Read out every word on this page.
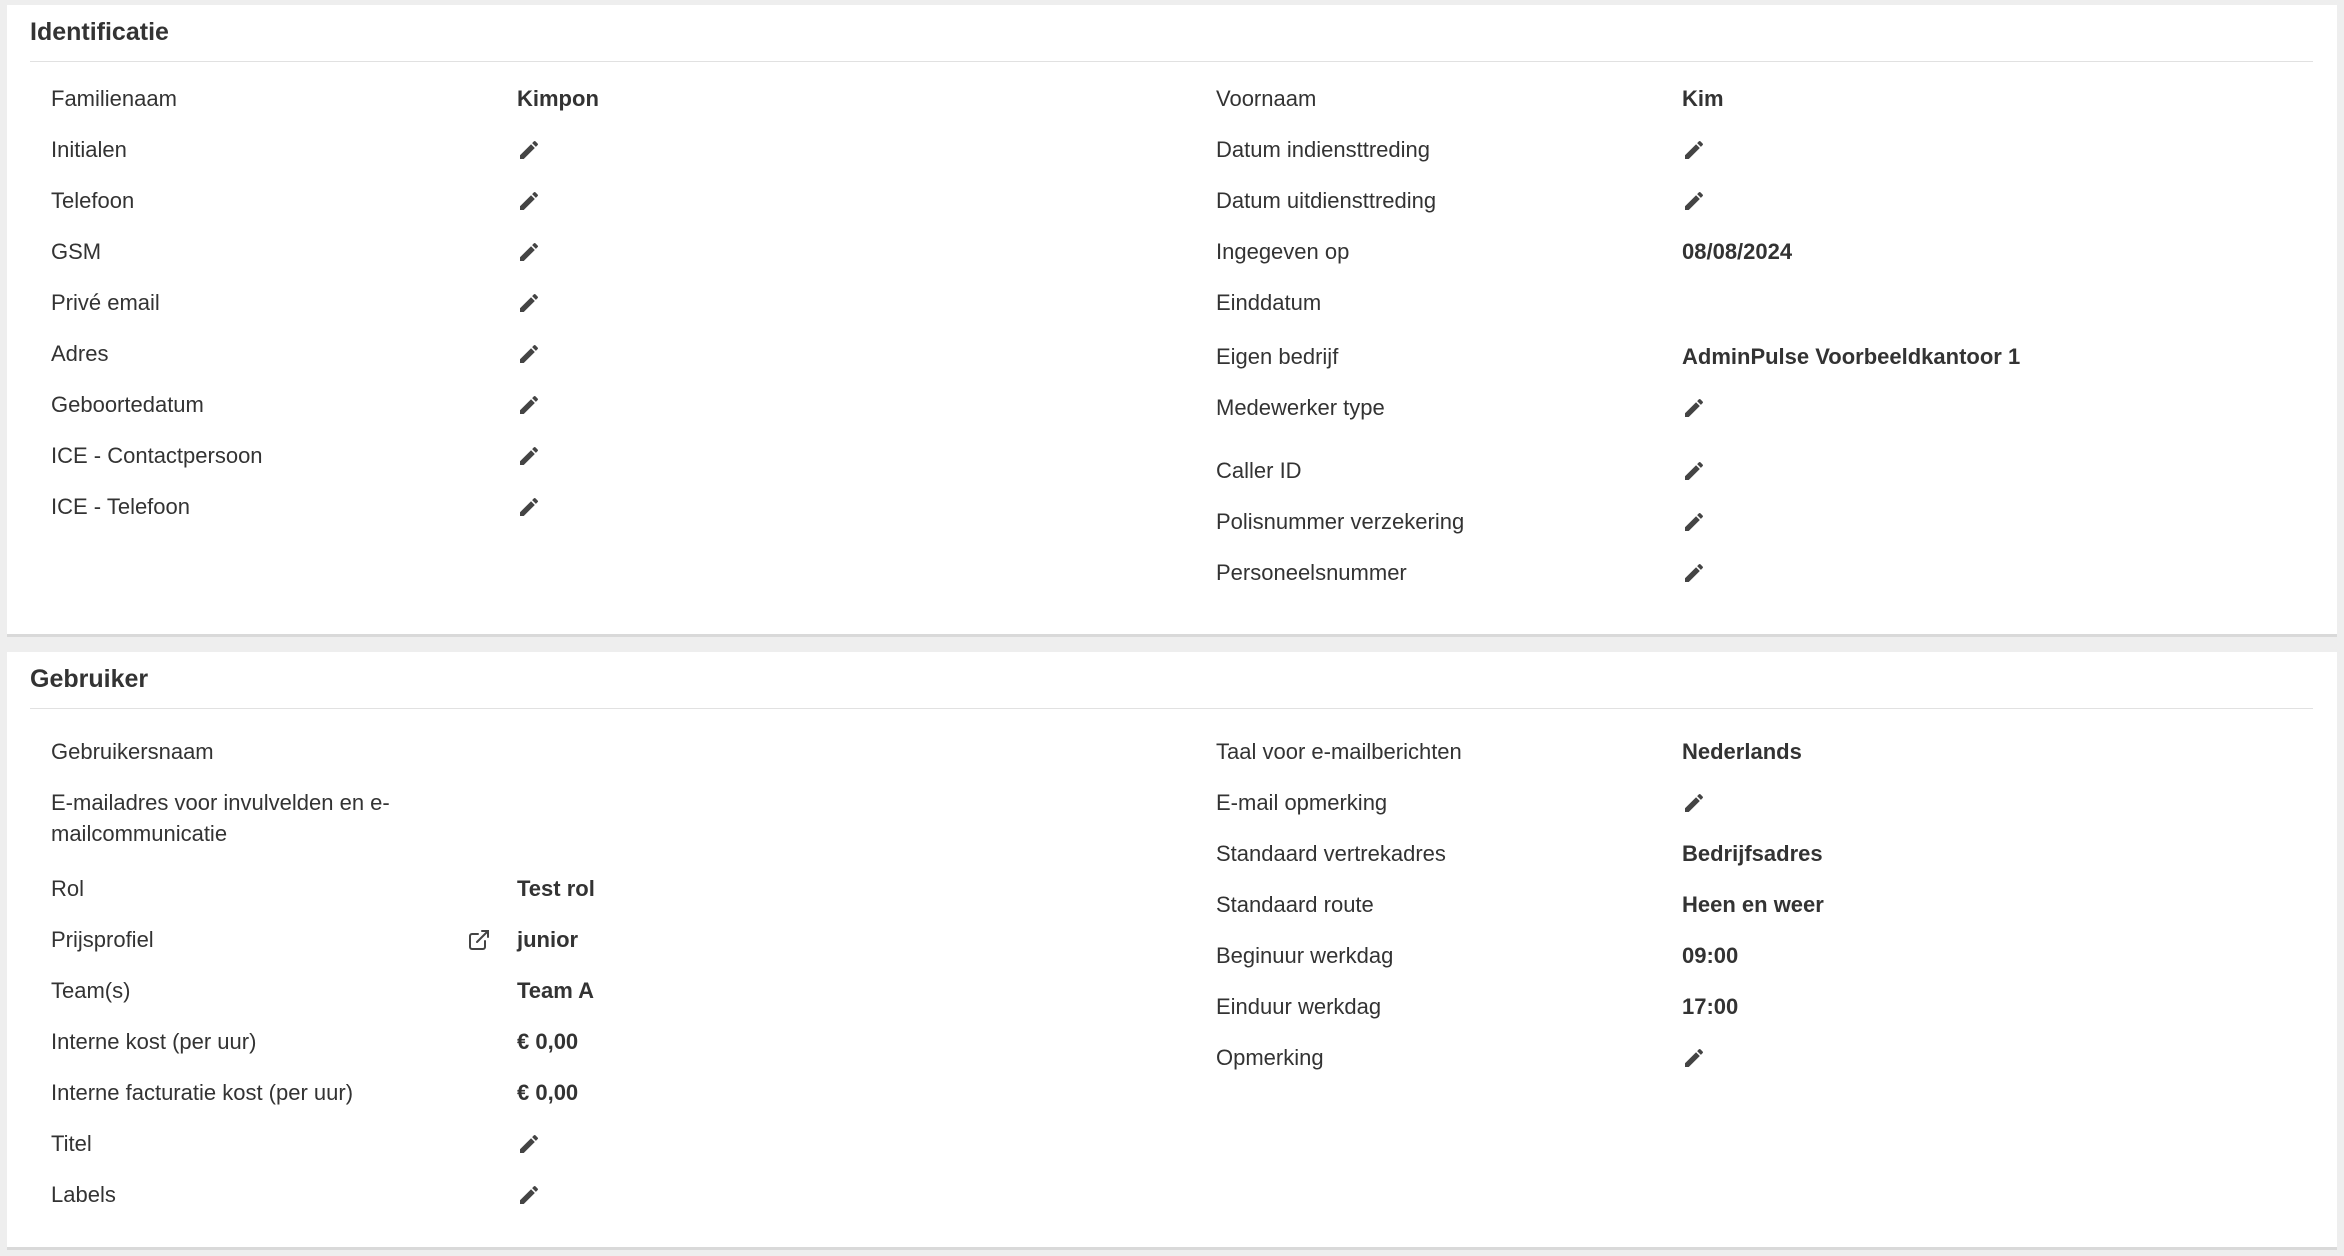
Identificatie
Familienaam	Kimpon
Initialen
Telefoon
GSM
Privé email
Adres
Geboortedatum
ICE - Contactpersoon
ICE - Telefoon
Voornaam	Kim
Datum indiensttreding
Datum uitdiensttreding
Ingegeven op	08/08/2024
Einddatum
Eigen bedrijf	AdminPulse Voorbeeldkantoor 1
Medewerker type
Caller ID
Polisnummer verzekering
Personeelsnummer
Gebruiker
Gebruikersnaam
E-mailadres voor invulvelden en e-mailcommunicatie
Rol	Test rol
Prijsprofiel	junior
Team(s)	Team A
Interne kost (per uur)	€ 0,00
Interne facturatie kost (per uur)	€ 0,00
Titel
Labels
Taal voor e-mailberichten	Nederlands
E-mail opmerking
Standaard vertrekadres	Bedrijfsadres
Standaard route	Heen en weer
Beginuur werkdag	09:00
Einduur werkdag	17:00
Opmerking
